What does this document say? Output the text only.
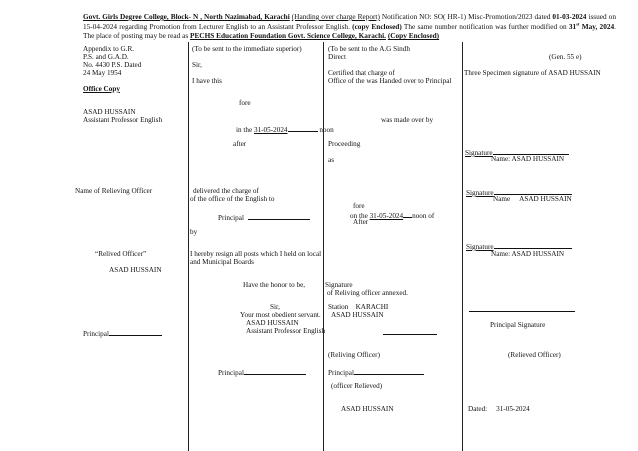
Govt. Girls Degree College, Block- N , North Nazimabad, Karachi (Handing over charge Report) Notification NO: SO( HR-1) Misc-Promotion/2023 dated 01-03-2024 issued on 15-04-2024 regarding Promotion from Lecturer English to an Assistant Professor English. (copy Enclosed) The same number notification was further modified on 31st May, 2024. The place of posting may be read as PECHS Education Foundation Govt. Science College, Karachi. (Copy Enclosed)
Appendix to G.R.
P.S. and G.A.D.
No. 4430 P.S. Dated
24 May 1954
Office Copy
ASAD HUSSAIN
Assistant Professor English
Name of Relieving Officer
“Relived Officer”
ASAD HUSSAIN
Principal
(To be sent to the immediate superior)
Sir,
I have this
fore
in the 31-05-2024	noon
after
delivered the charge of
of the office of the English to
Principal
by
I hereby resign all posts which I held on local
and Municipal Boards
Have the honor to be,
Sir,
Your most obedient servant.
ASAD HUSSAIN
Assistant Professor English
Principal
(To be sent to the A.G Sindh
Direct
Certified that charge of
Office of the was Handed over to Principal
was made over by
Proceeding
as
fore
on the 31-05-2024 noon of
After
Signature
of Reliving officer annexed.
Station KARACHI
ASAD HUSSAIN
(Reliving Officer)
Principal
(officer Relieved)
ASAD HUSSAIN
(Gen. 55 e)
Three Specimen signature of ASAD HUSSAIN
Signature
Name: ASAD HUSSAIN
Signature
Name ASAD HUSSAIN
Signature
Name: ASAD HUSSAIN
Principal Signature
(Relieved Officer)
Dated: 31-05-2024
